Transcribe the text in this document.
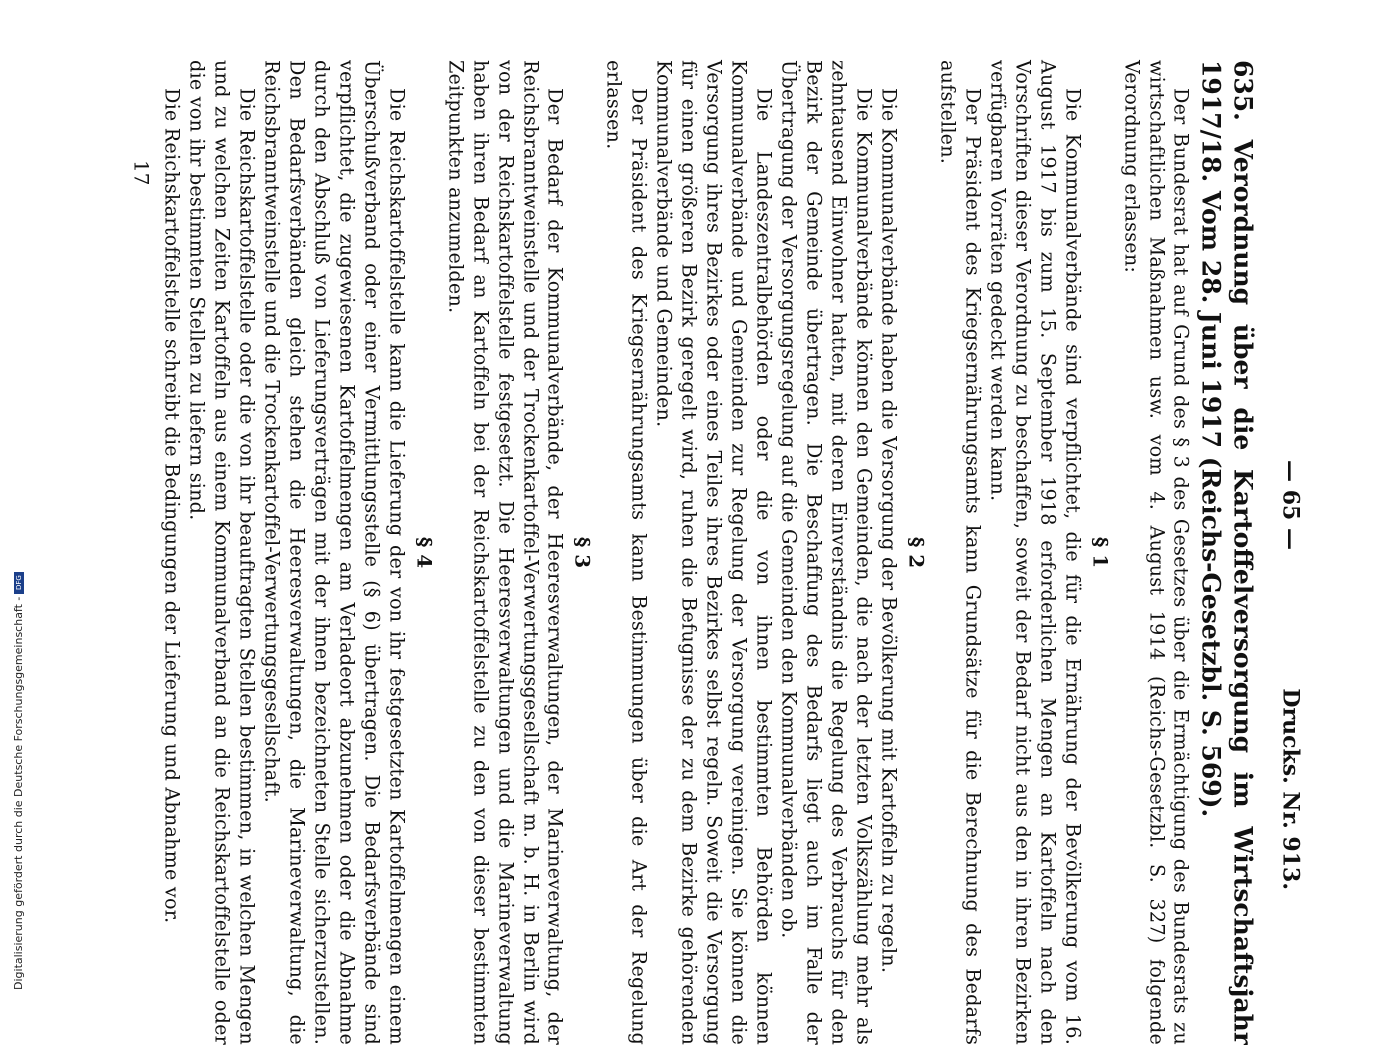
Digitalisierung gefördert durch die Deutsche Forschungsgemeinschaft -
DFG
— 65 —
Drucks. Nr. 913.
635. Verordnung über die Kartoffelversorgung im Wirtschaftsjahr 1917/18. Vom 28. Juni 1917 (Reichs-Gesetzbl. S. 569).

Der Bundesrat hat auf Grund des § 3 des Gesetzes über die Ermächtigung des Bundesrats zu wirtschaftlichen Maßnahmen usw. vom 4. August 1914 (Reichs-Gesetzbl. S. 327) folgende Verordnung erlassen:

§ 1

Die Kommunalverbände sind verpflichtet, die für die Ernährung der Bevölkerung vom 16. August 1917 bis zum 15. September 1918 erforderlichen Mengen an Kartoffeln nach den Vorschriften dieser Verordnung zu beschaffen, soweit der Bedarf nicht aus den in ihren Bezirken verfügbaren Vorräten gedeckt werden kann.

Der Präsident des Kriegsernährungsamts kann Grundsätze für die Berechnung des Bedarfs aufstellen.

§ 2

Die Kommunalverbände haben die Versorgung der Bevölkerung mit Kartoffeln zu regeln.

Die Kommunalverbände können den Gemeinden, die nach der letzten Volkszählung mehr als zehntausend Einwohner hatten, mit deren Einverständnis die Regelung des Verbrauchs für den Bezirk der Gemeinde übertragen. Die Beschaffung des Bedarfs liegt auch im Falle der Übertragung der Versorgungsregelung auf die Gemeinden den Kommunalverbänden ob.

Die Landeszentralbehörden oder die von ihnen bestimmten Behörden können Kommunalverbände und Gemeinden zur Regelung der Versorgung vereinigen. Sie können die Versorgung ihres Bezirkes oder eines Teiles ihres Bezirkes selbst regeln. Soweit die Versorgung für einen größeren Bezirk geregelt wird, ruhen die Befugnisse der zu dem Bezirke gehörenden Kommunalverbände und Gemeinden.

Der Präsident des Kriegsernährungsamts kann Bestimmungen über die Art der Regelung erlassen.

§ 3

Der Bedarf der Kommunalverbände, der Heeresverwaltungen, der Marineverwaltung, der Reichsbranntweinstelle und der Trockenkartoffel-Verwertungsgesellschaft m. b. H. in Berlin wird von der Reichskartoffelstelle festgesetzt. Die Heeresverwaltungen und die Marineverwaltung haben ihren Bedarf an Kartoffeln bei der Reichskartoffelstelle zu den von dieser bestimmten Zeitpunkten anzumelden.

§ 4

Die Reichskartoffelstelle kann die Lieferung der von ihr festgesetzten Kartoffelmengen einem Überschußverband oder einer Vermittlungsstelle (§ 6) übertragen. Die Bedarfsverbände sind verpflichtet, die zugewiesenen Kartoffelmengen am Verladeort abzunehmen oder die Abnahme durch den Abschluß von Lieferungsverträgen mit der ihnen bezeichneten Stelle sicherzustellen. Den Bedarfsverbänden gleich stehen die Heeresverwaltungen, die Marineverwaltung, die Reichsbranntweinstelle und die Trockenkartoffel-Verwertungsgesellschaft.

Die Reichskartoffelstelle oder die von ihr beauftragten Stellen bestimmen, in welchen Mengen und zu welchen Zeiten Kartoffeln aus einem Kommunalverband an die Reichskartoffelstelle oder die von ihr bestimmten Stellen zu liefern sind.

Die Reichskartoffelstelle schreibt die Bedingungen der Lieferung und Abnahme vor.

17
